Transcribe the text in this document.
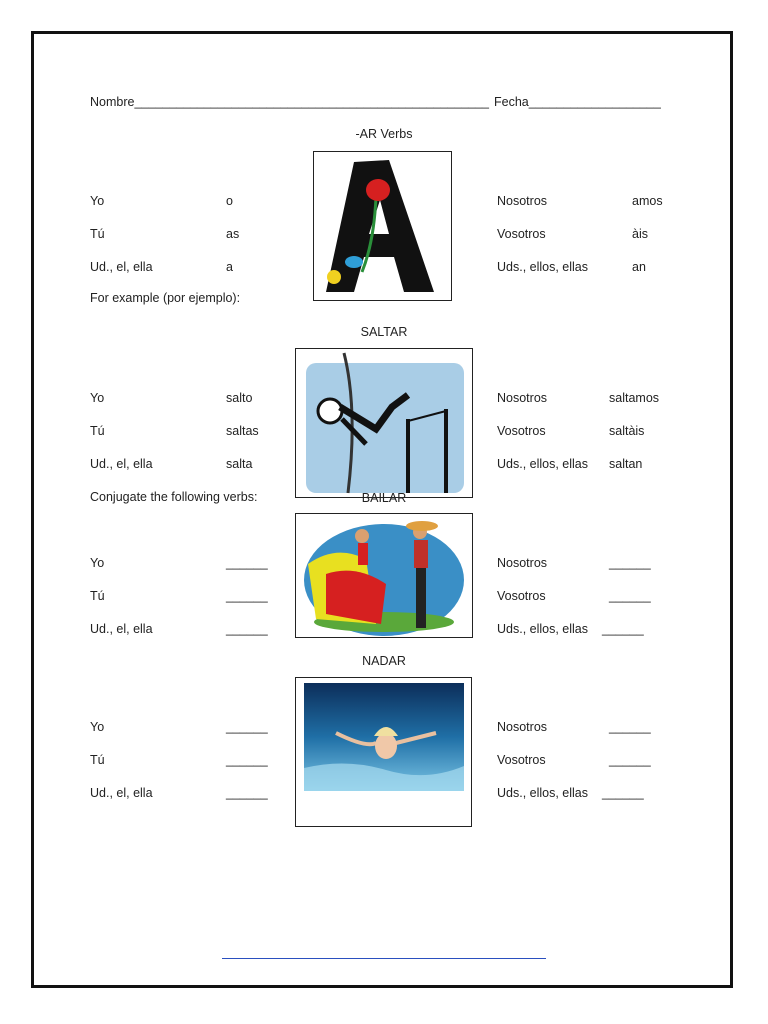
Nombre___________________________________________________ Fecha___________________
-AR Verbs
Yo	o	Nosotros	amos
Tú	as	Vosotros	àis
Ud., el, ella	a	Uds., ellos, ellas	an
For example (por ejemplo):
SALTAR
Yo	salto	Nosotros	saltamos
Tú	saltas	Vosotros	saltàis
Ud., el, ella	salta	Uds., ellos, ellas saltan
Conjugate the following verbs:	BAILAR
Yo	______	Nosotros	______
Tú	______	Vosotros	______
Ud., el, ella	______	Uds., ellos, ellas ______
NADAR
Yo	______	Nosotros	______
Tú	______	Vosotros	______
Ud., el, ella	______	Uds., ellos, ellas ______
